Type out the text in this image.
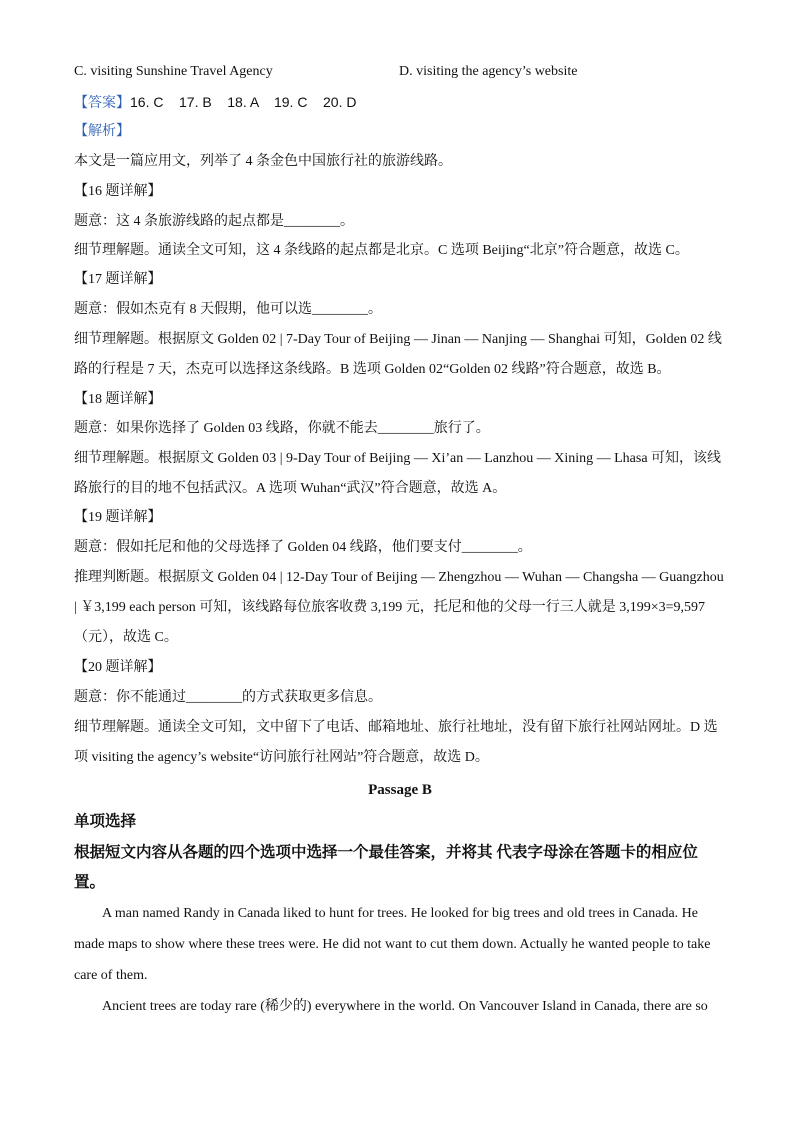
C. visiting Sunshine Travel Agency	D. visiting the agency’s website
【答案】16. C    17. B    18. A    19. C    20. D
【解析】
本文是一篇应用文，列举了 4 条金色中国旅行社的旅游线路。
【16 题详解】
题意：这 4 条旅游线路的起点都是________。
细节理解题。通读全文可知，这 4 条线路的起点都是北京。C 选项 Beijing“北京”符合题意，故选 C。
【17 题详解】
题意：假如杰克有 8 天假期，他可以选________。
细节理解题。根据原文 Golden 02 | 7-Day Tour of Beijing — Jinan — Nanjing — Shanghai 可知，Golden 02 线
路的行程是 7 天，杰克可以选择这条线路。B 选项 Golden 02“Golden 02 线路”符合题意，故选 B。
【18 题详解】
题意：如果你选择了 Golden 03 线路，你就不能去________旅行了。
细节理解题。根据原文 Golden 03 | 9-Day Tour of Beijing — Xi’an — Lanzhou — Xining — Lhasa 可知，该线
路旅行的目的地不包括武汉。A 选项 Wuhan“武汉”符合题意，故选 A。
【19 题详解】
题意：假如托尼和他的父母选择了 Golden 04 线路，他们要支付________。
推理判断题。根据原文 Golden 04 | 12-Day Tour of Beijing — Zhengzhou — Wuhan — Changsha — Guangzhou
| ￥3,199 each person 可知，该线路每位旅客收费 3,199 元，托尼和他的父母一行三人就是 3,199×3=9,597
（元），故选 C。
【20 题详解】
题意：你不能通过________的方式获取更多信息。
细节理解题。通读全文可知，文中留下了电话、邮箱地址、旅行社地址，没有留下旅行社网站网址。D 选
项 visiting the agency’s website“访问旅行社网站”符合题意，故选 D。
Passage B
单项选择
根据短文内容从各题的四个选项中选择一个最佳答案，并将其 代表字母涂在答题卡的相应位
置。
A man named Randy in Canada liked to hunt for trees. He looked for big trees and old trees in Canada. He
made maps to show where these trees were. He did not want to cut them down. Actually he wanted people to take
care of them.
Ancient trees are today rare (稀少的) everywhere in the world. On Vancouver Island in Canada, there are so
